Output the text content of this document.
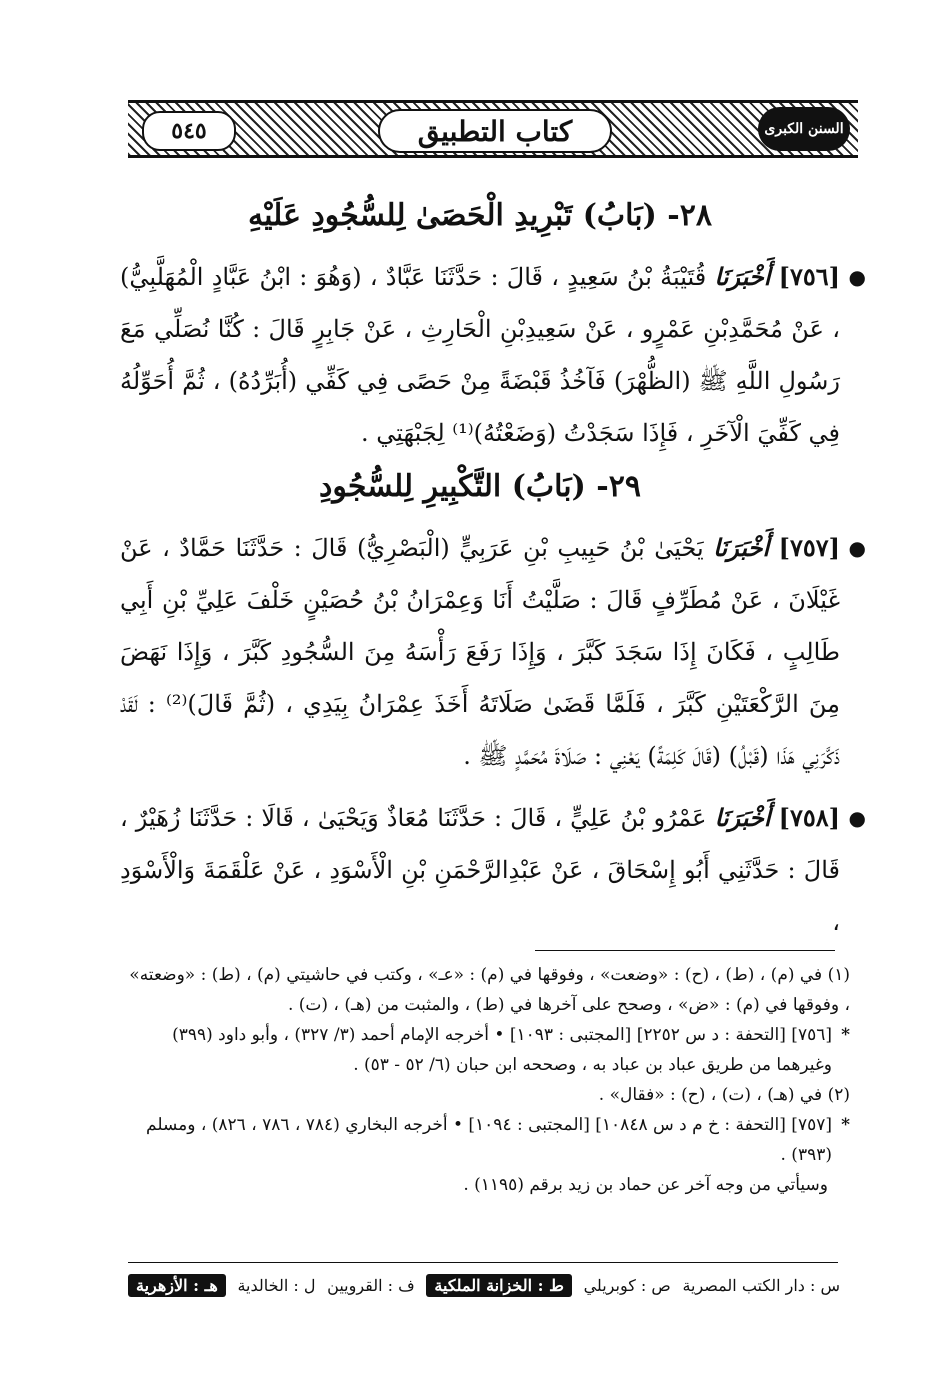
٥٤٥	كتاب التطبيق	السنن الكبرى
٢٨- (بَابُ) تَبْرِيدِ الْحَصَىٰ لِلسُّجُودِ عَلَيْهِ

●
[٧٥٦] أَخْبَرَنَا قُتَيْبَةُ بْنُ سَعِيدٍ ، قَالَ : حَدَّثَنَا عَبَّادٌ ، (وَهُوَ : ابْنُ عَبَّادٍ الْمُهَلَّبِيُّ) ، عَنْ مُحَمَّدِبْنِ عَمْرٍو ، عَنْ سَعِيدِبْنِ الْحَارِثِ ، عَنْ جَابِرٍ قَالَ : كُنَّا نُصَلِّي مَعَ رَسُولِ اللَّهِ ﷺ (الظُّهْرَ) فَآخُذُ قَبْضَةً مِنْ حَصًى فِي كَفِّي (أُبَرِّدُهُ) ، ثُمَّ أُحَوِّلُهُ فِي كَفِّيَ الْآخَرِ ، فَإِذَا سَجَدْتُ (وَضَعْتُهُ)⁽¹⁾ لِجَبْهَتِي .

٢٩- (بَابُ) التَّكْبِيرِ لِلسُّجُودِ

●
[٧٥٧] أَخْبَرَنَا يَحْيَىٰ بْنُ حَبِيبِ بْنِ عَرَبِيٍّ (الْبَصْرِيُّ) قَالَ : حَدَّثَنَا حَمَّادٌ ، عَنْ غَيْلَانَ ، عَنْ مُطَرِّفٍ قَالَ : صَلَّيْتُ أَنَا وَعِمْرَانُ بْنُ حُصَيْنٍ خَلْفَ عَلِيِّ بْنِ أَبِي طَالِبٍ ، فَكَانَ إِذَا سَجَدَ كَبَّرَ ، وَإِذَا رَفَعَ رَأْسَهُ مِنَ السُّجُودِ كَبَّرَ ، وَإِذَا نَهَضَ مِنَ الرَّكْعَتَيْنِ كَبَّرَ ، فَلَمَّا قَضَىٰ صَلَاتَهُ أَخَذَ عِمْرَانُ بِيَدِي ، (ثُمَّ قَالَ)⁽²⁾ : لَقَدْ ذَكَّرَنِي هَذَا (قَبْلُ) (قَالَ كَلِمَةً) يَعْنِي : صَلَاةَ مُحَمَّدٍ ﷺ .

●
[٧٥٨] أَخْبَرَنَا عَمْرُو بْنُ عَلِيٍّ ، قَالَ : حَدَّثَنَا مُعَاذٌ وَيَحْيَىٰ ، قَالَا : حَدَّثَنَا زُهَيْرٌ ، قَالَ : حَدَّثَنِي أَبُو إِسْحَاقَ ، عَنْ عَبْدِالرَّحْمَنِ بْنِ الْأَسْوَدِ ، عَنْ عَلْقَمَةَ وَالْأَسْوَدِ ،

(١) في (م) ، (ط) ، (ح) : «وضعت» ، وفوقها في (م) : «عـ» ، وكتب في حاشيتي (م) ، (ط) : «وضعته» ، وفوقها في (م) : «ض» ، وصحح على آخرها في (ط) ، والمثبت من (هـ) ، (ت) .

*
[٧٥٦] [التحفة : د س ٢٢٥٢] [المجتبى : ١٠٩٣] • أخرجه الإمام أحمد (٣/ ٣٢٧) ، وأبو داود (٣٩٩) وغيرهما من طريق عباد بن عباد به ، وصححه ابن حبان (٦/ ٥٢ - ٥٣) .

(٢) في (هـ) ، (ت) ، (ح) : «فقال» .

*
[٧٥٧] [التحفة : خ م د س ١٠٨٤٨] [المجتبى : ١٠٩٤] • أخرجه البخاري (٧٨٤ ، ٧٨٦ ، ٨٢٦) ، ومسلم (٣٩٣) .

وسيأتي من وجه آخر عن حماد بن زيد برقم (١١٩٥) .

س : دار الكتب المصرية
ص : كوبريلي
ط : الخزانة الملكية
ف : القرويين
ل : الخالدية
هـ : الأزهرية
